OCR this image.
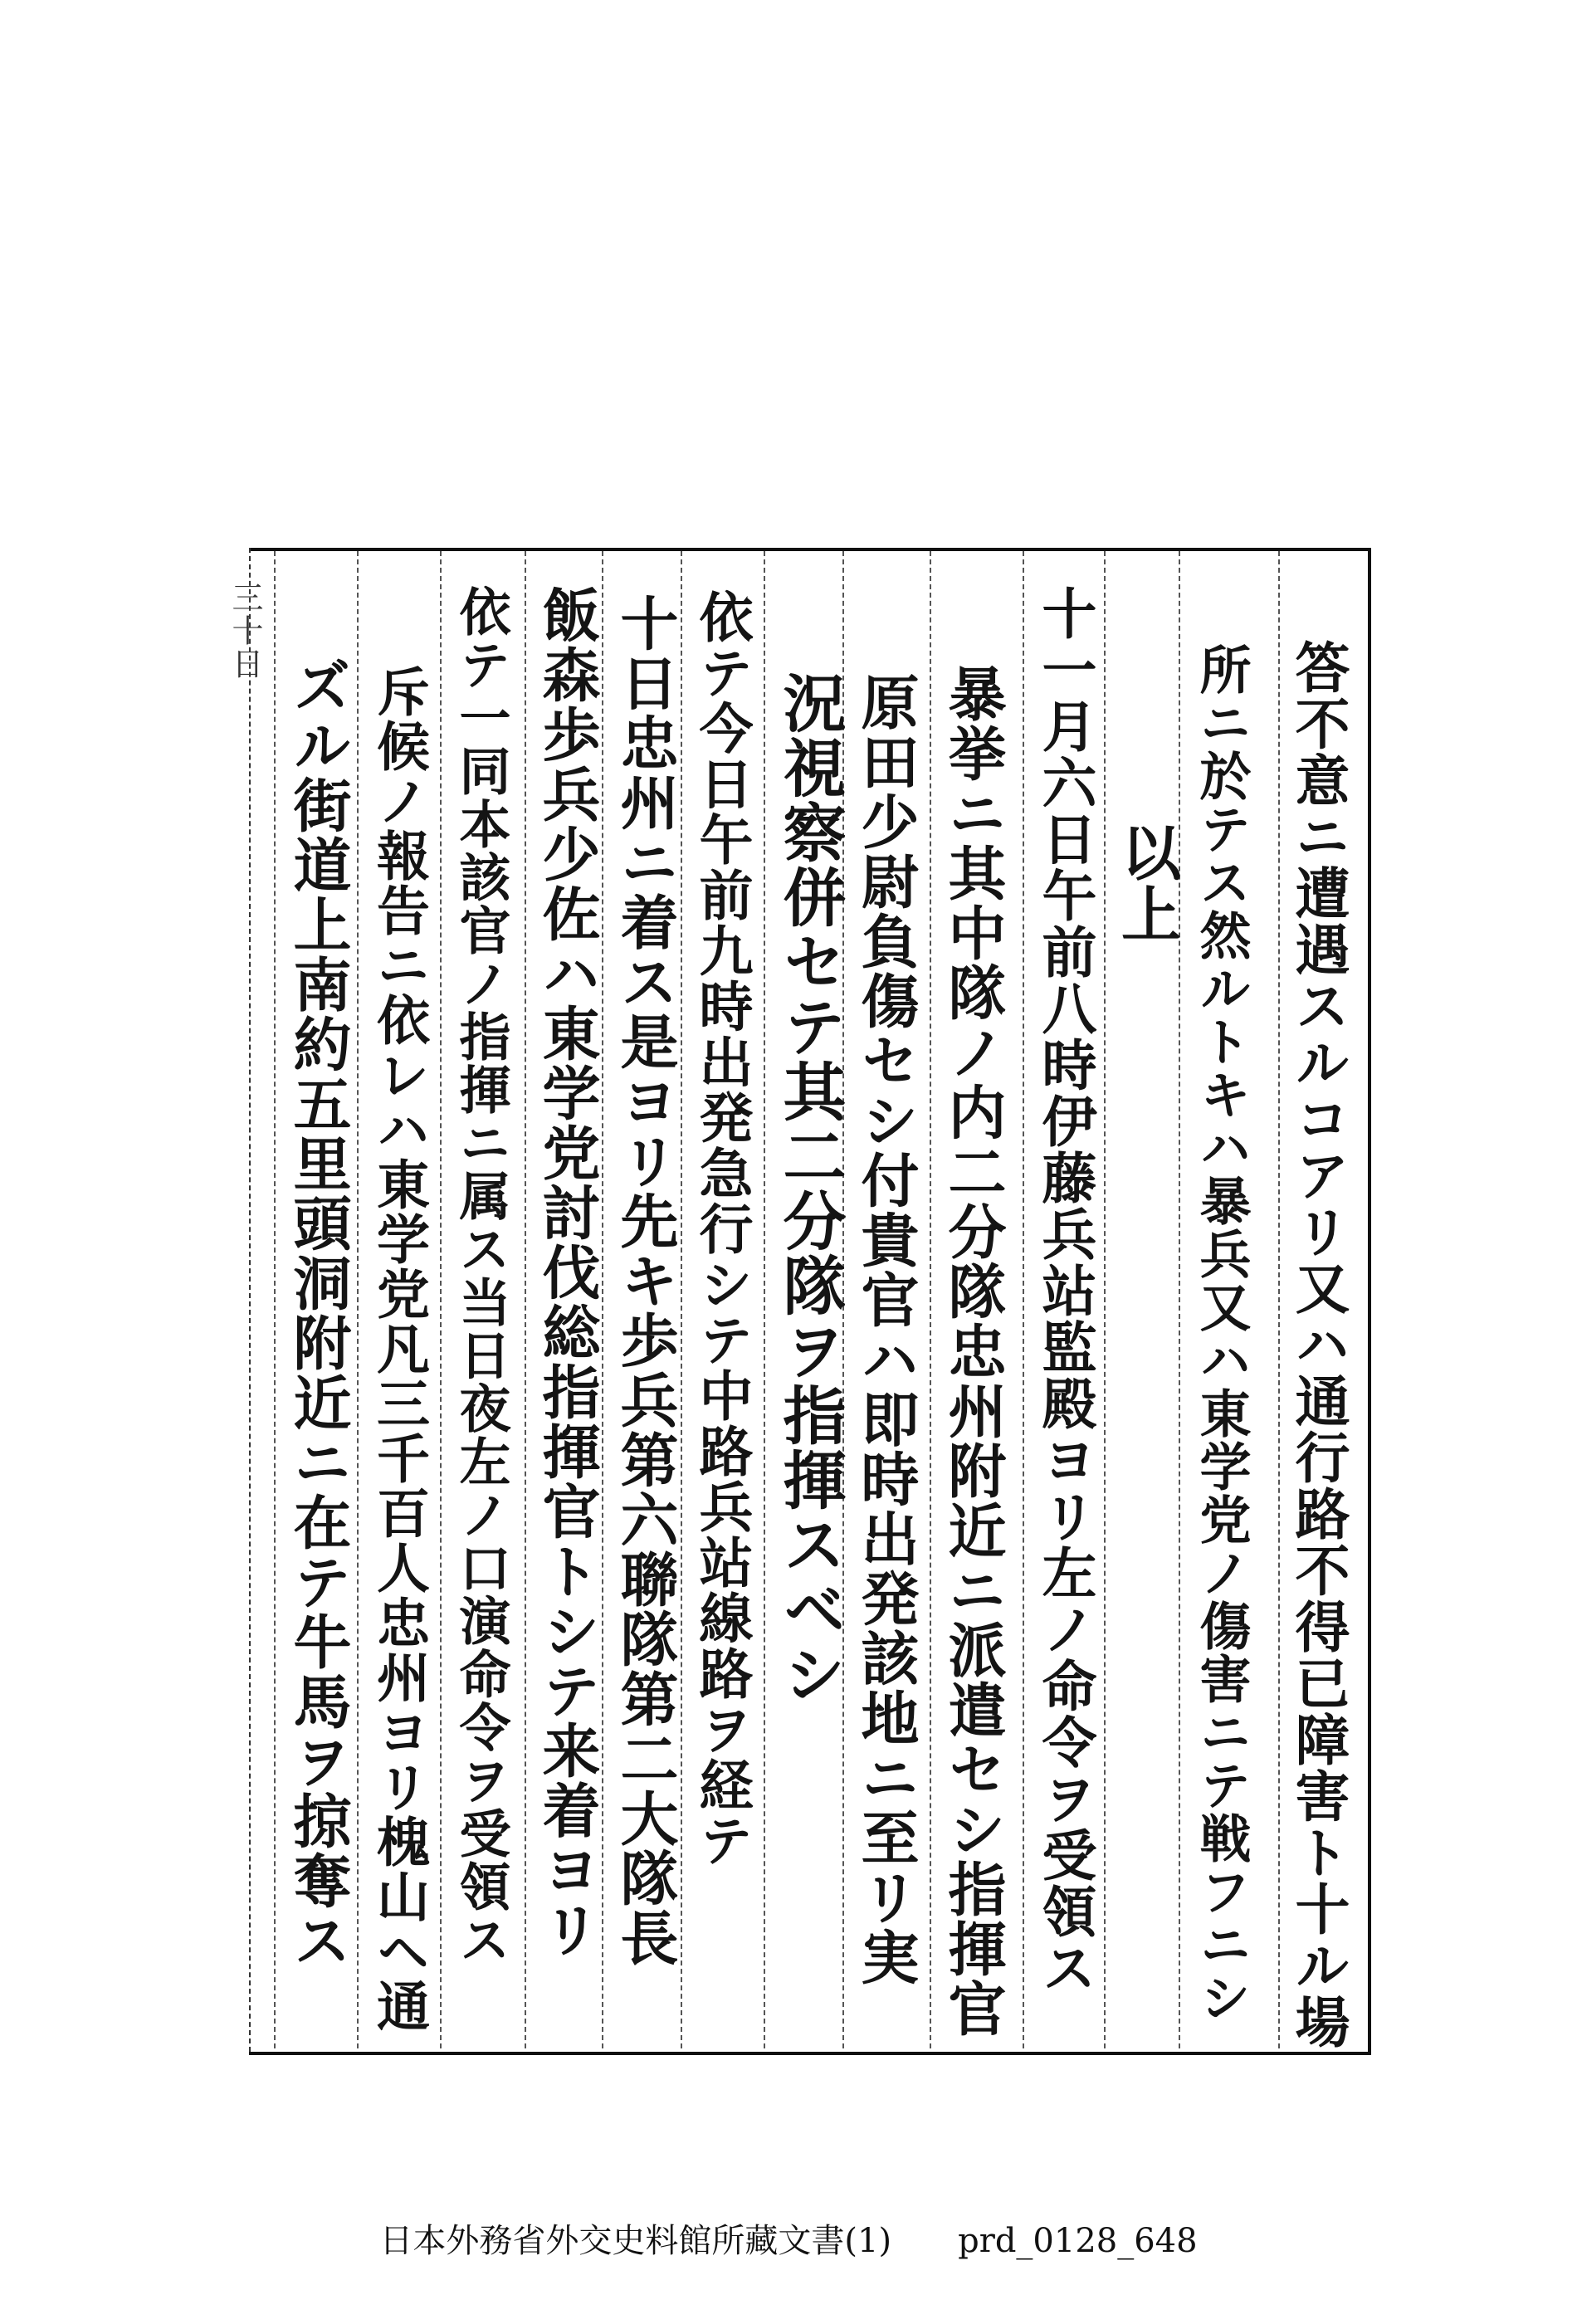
三十日
答不意ニ遭遇スルコアリ又ハ通行路不得已障害ト十ル場
所ニ於テス然ルトキハ暴兵又ハ東学党ノ傷害ニテ戦フニシ
以上
十一月六日午前八時伊藤兵站監殿ヨリ左ノ命令ヲ受領ス
暴挙ニ其中隊ノ内二分隊忠州附近ニ派遣セシ指揮官
原田少尉負傷セシ付貴官ハ即時出発該地ニ至リ実
況視察併セテ其二分隊ヲ指揮スベシ
依テ今日午前九時出発急行シテ中路兵站線路ヲ経テ
十日忠州ニ着ス是ヨリ先キ歩兵第六聯隊第二大隊長
飯森歩兵少佐ハ東学党討伐総指揮官トシテ来着ヨリ
依テ一同本該官ノ指揮ニ属ス当日夜左ノ口演命令ヲ受領ス
斥候ノ報告ニ依レハ東学党凡三千百人忠州ヨリ槐山ヘ通
ズル街道上南約五里頭洞附近ニ在テ牛馬ヲ掠奪ス
日本外務省外交史料館所藏文書(1) prd_0128_648
